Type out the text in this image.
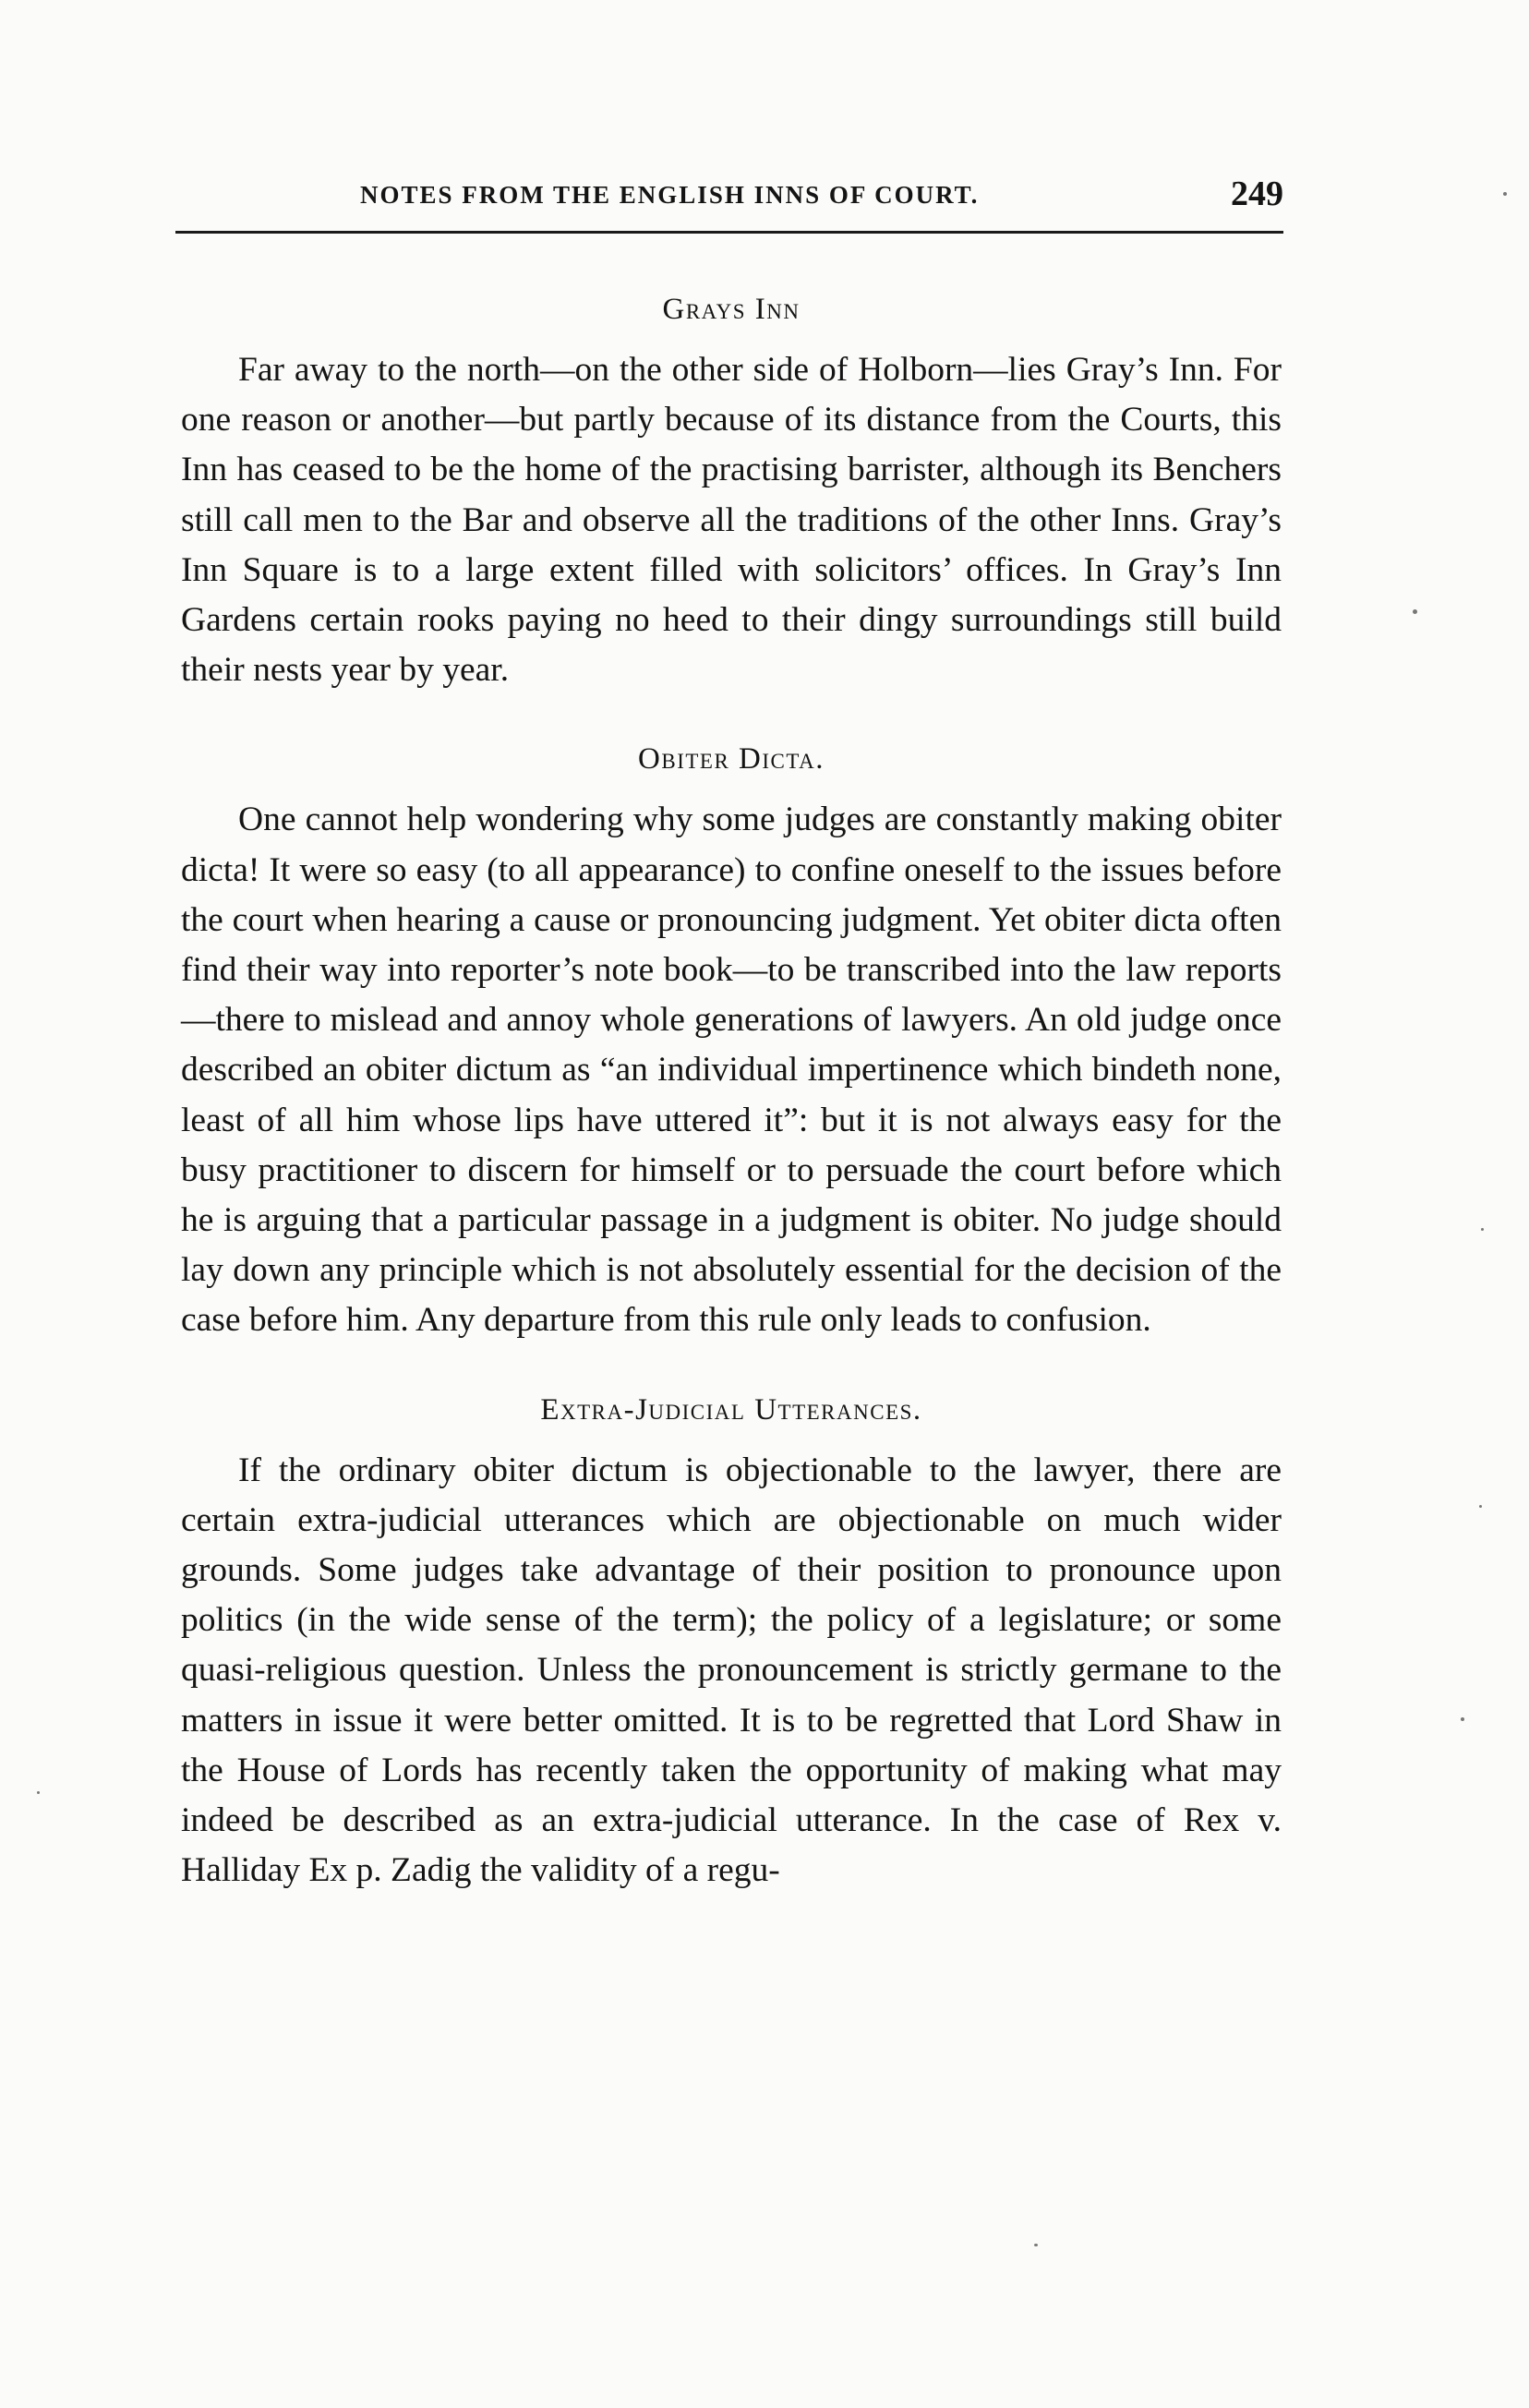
NOTES FROM THE ENGLISH INNS OF COURT.	249
Grays Inn

Far away to the north—on the other side of Holborn—lies Gray’s Inn. For one reason or another—but partly because of its distance from the Courts, this Inn has ceased to be the home of the practising barrister, although its Benchers still call men to the Bar and observe all the traditions of the other Inns. Gray’s Inn Square is to a large extent filled with solicitors’ offices. In Gray’s Inn Gardens certain rooks paying no heed to their dingy surroundings still build their nests year by year.

Obiter Dicta.

One cannot help wondering why some judges are constantly making obiter dicta! It were so easy (to all appearance) to confine oneself to the issues before the court when hearing a cause or pronouncing judgment. Yet obiter dicta often find their way into reporter’s note book—to be transcribed into the law reports—there to mislead and annoy whole generations of lawyers. An old judge once described an obiter dictum as “an individual impertinence which bindeth none, least of all him whose lips have uttered it”: but it is not always easy for the busy practitioner to discern for himself or to persuade the court before which he is arguing that a particular passage in a judgment is obiter. No judge should lay down any principle which is not absolutely essential for the decision of the case before him. Any departure from this rule only leads to confusion.

Extra-Judicial Utterances.

If the ordinary obiter dictum is objectionable to the lawyer, there are certain extra-judicial utterances which are objectionable on much wider grounds. Some judges take advantage of their position to pronounce upon politics (in the wide sense of the term); the policy of a legislature; or some quasi-religious question. Unless the pronouncement is strictly germane to the matters in issue it were better omitted. It is to be regretted that Lord Shaw in the House of Lords has recently taken the opportunity of making what may indeed be described as an extra-judicial utterance. In the case of Rex v. Halliday Ex p. Zadig the validity of a regu-
